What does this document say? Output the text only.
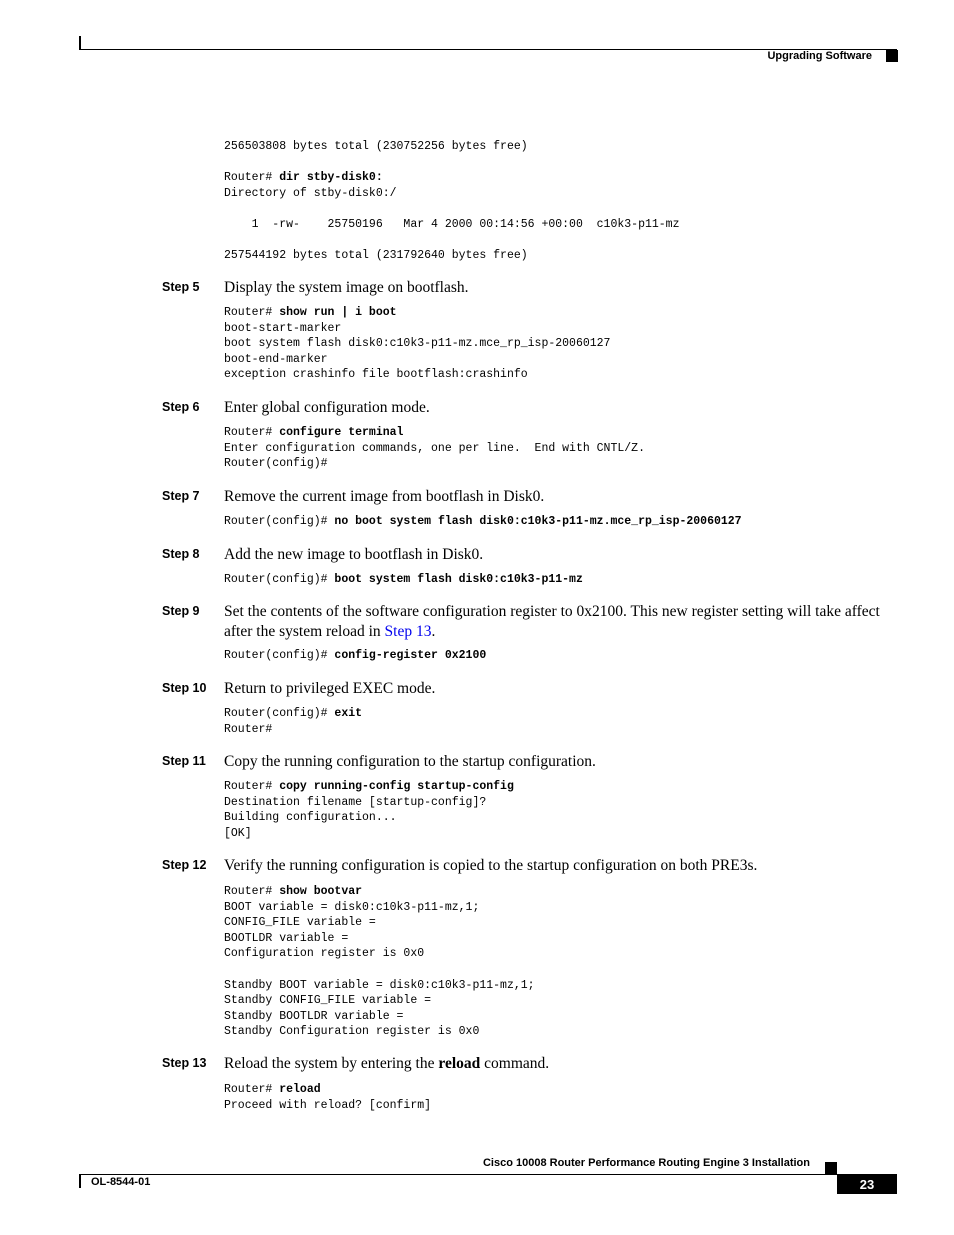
Upgrading Software
256503808 bytes total (230752256 bytes free)

Router# dir stby-disk0:
Directory of stby-disk0:/

1  -rw-    25750196   Mar 4 2000 00:14:56 +00:00  c10k3-p11-mz

257544192 bytes total (231792640 bytes free)
Step 5 Display the system image on bootflash.
Router# show run | i boot
boot-start-marker
boot system flash disk0:c10k3-p11-mz.mce_rp_isp-20060127
boot-end-marker
exception crashinfo file bootflash:crashinfo
Step 6 Enter global configuration mode.
Router# configure terminal
Enter configuration commands, one per line.  End with CNTL/Z.
Router(config)#
Step 7 Remove the current image from bootflash in Disk0.
Router(config)# no boot system flash disk0:c10k3-p11-mz.mce_rp_isp-20060127
Step 8 Add the new image to bootflash in Disk0.
Router(config)# boot system flash disk0:c10k3-p11-mz
Step 9 Set the contents of the software configuration register to 0x2100. This new register setting will take affect after the system reload in Step 13.
Router(config)# config-register 0x2100
Step 10 Return to privileged EXEC mode.
Router(config)# exit
Router#
Step 11 Copy the running configuration to the startup configuration.
Router# copy running-config startup-config
Destination filename [startup-config]?
Building configuration...
[OK]
Step 12 Verify the running configuration is copied to the startup configuration on both PRE3s.
Router# show bootvar
BOOT variable = disk0:c10k3-p11-mz,1;
CONFIG_FILE variable =
BOOTLDR variable =
Configuration register is 0x0

Standby BOOT variable = disk0:c10k3-p11-mz,1;
Standby CONFIG_FILE variable =
Standby BOOTLDR variable =
Standby Configuration register is 0x0
Step 13 Reload the system by entering the reload command.
Router# reload
Proceed with reload? [confirm]
Cisco 10008 Router Performance Routing Engine 3 Installation
OL-8544-01	23
